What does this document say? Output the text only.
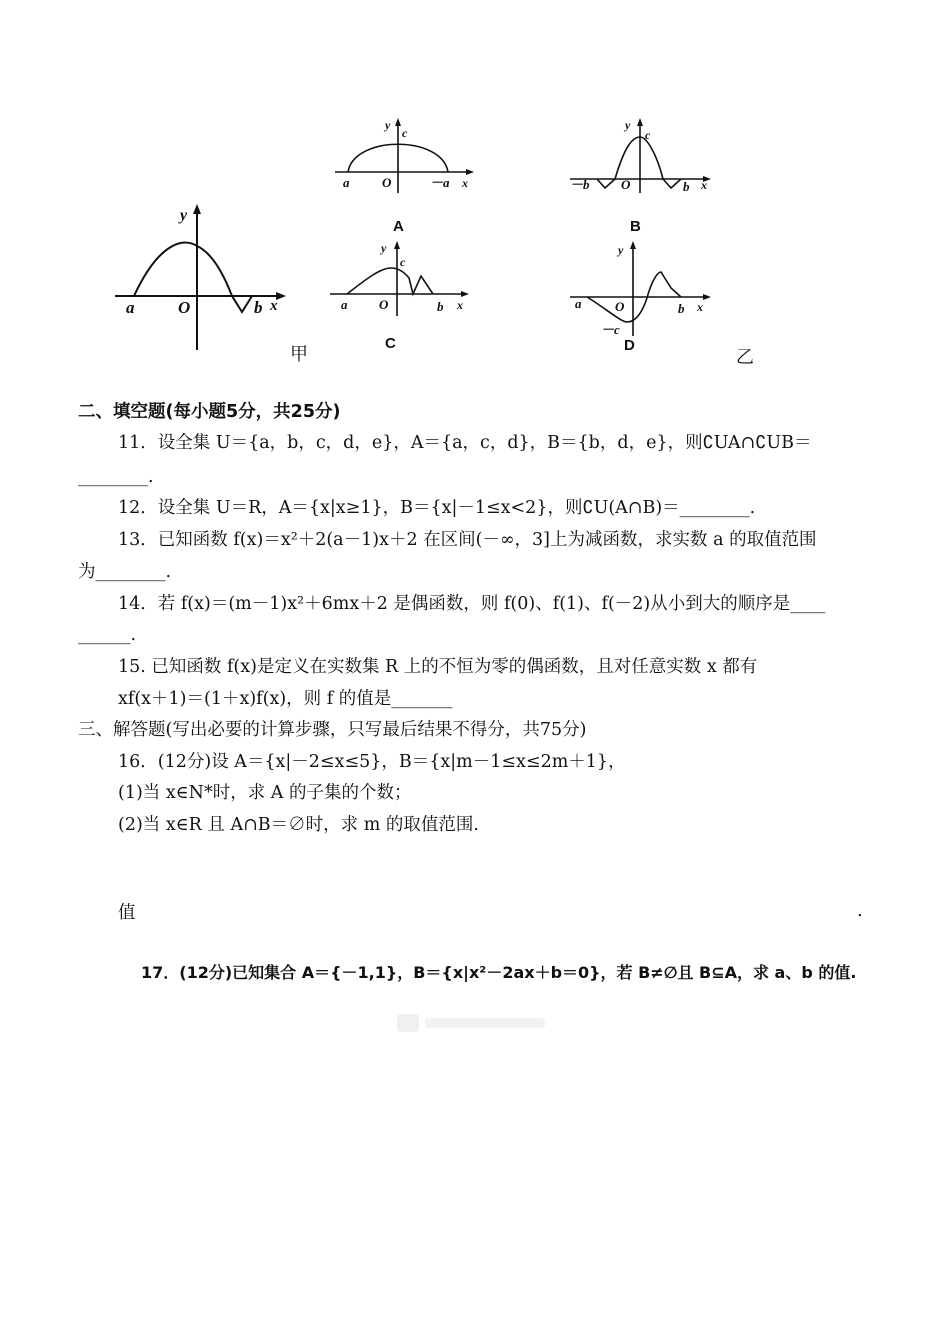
y
a	O	b x
甲
y
c
a	O	－a x
A
y
c
－b O	b x
B
y
c
a O	b x
C
y
a	O	b x
－c
D
乙
二、填空题(每小题5分，共25分)
11．设全集 U＝{a，b，c，d，e}，A＝{a，c，d}，B＝{b，d，e}，则∁UA∩∁UB＝
________.
12．设全集 U＝R，A＝{x|x≥1}，B＝{x|－1≤x<2}，则∁U(A∩B)＝________.
13．已知函数 f(x)＝x²＋2(a－1)x＋2 在区间(－∞，3]上为减函数，求实数 a 的取值范围
为________.
14．若 f(x)＝(m－1)x²＋6mx＋2 是偶函数，则 f(0)、f(1)、f(－2)从小到大的顺序是____
______.
15. 已知函数 f(x)是定义在实数集 R 上的不恒为零的偶函数，且对任意实数 x 都有
xf(x＋1)＝(1＋x)f(x)，则 f 的值是_______
三、解答题(写出必要的计算步骤，只写最后结果不得分，共75分)
16．(12分)设 A＝{x|－2≤x≤5}，B＝{x|m－1≤x≤2m＋1}，
(1)当 x∈N*时，求 A 的子集的个数；
(2)当 x∈R 且 A∩B＝∅时，求 m 的取值范围.
值	.
17．(12分)已知集合 A＝{－1,1}，B＝{x|x²－2ax＋b＝0}，若 B≠∅且 B⊆A，求 a、b 的值.
